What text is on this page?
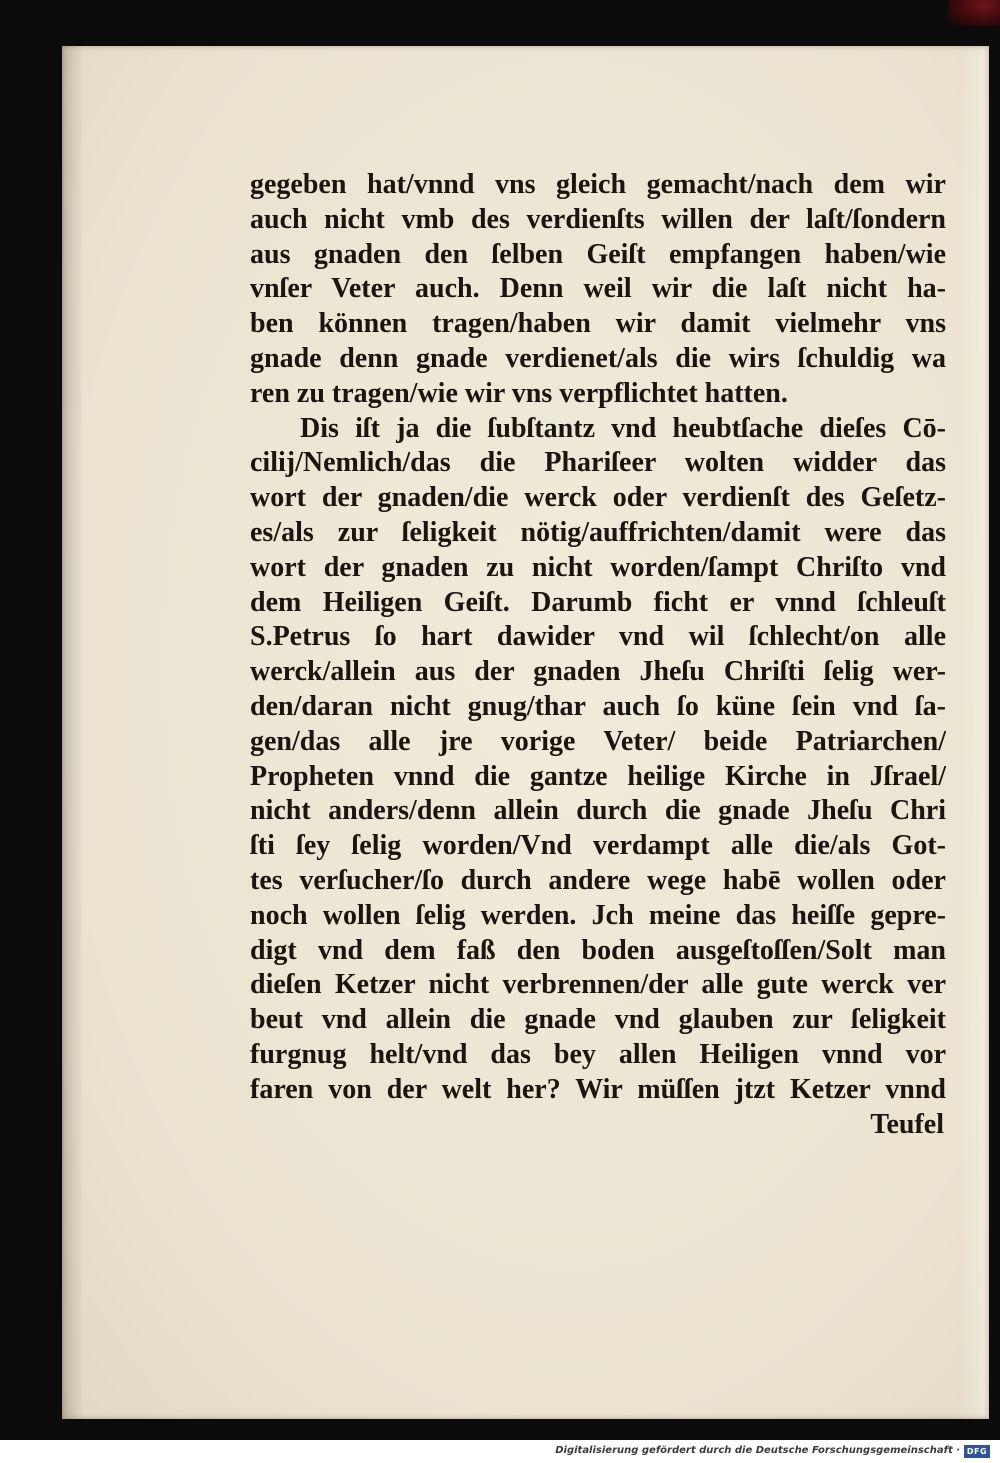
gegeben hat/vnnd vns gleich gemacht/nach dem wir
auch nicht vmb des verdienſts willen der laſt/ſondern
aus gnaden den ſelben Geiſt empfangen haben/wie
vnſer Veter auch. Denn weil wir die laſt nicht ha-
ben können tragen/haben wir damit vielmehr vns
gnade denn gnade verdienet/als die wirs ſchuldig wa
ren zu tragen/wie wir vns verpflichtet hatten.
Dis iſt ja die ſubſtantz vnd heubtſache dieſes Cō-
cilij/Nemlich/das die Phariſeer wolten widder das
wort der gnaden/die werck oder verdienſt des Geſetz-
es/als zur ſeligkeit nötig/auffrichten/damit were das
wort der gnaden zu nicht worden/ſampt Chriſto vnd
dem Heiligen Geiſt. Darumb ficht er vnnd ſchleuſt
S.Petrus ſo hart dawider vnd wil ſchlecht/on alle
werck/allein aus der gnaden Jheſu Chriſti ſelig wer-
den/daran nicht gnug/thar auch ſo küne ſein vnd ſa-
gen/das alle jre vorige Veter/ beide Patriarchen/
Propheten vnnd die gantze heilige Kirche in Jſrael/
nicht anders/denn allein durch die gnade Jheſu Chri
ſti ſey ſelig worden/Vnd verdampt alle die/als Got-
tes verſucher/ſo durch andere wege habē wollen oder
noch wollen ſelig werden. Jch meine das heiſſe gepre-
digt vnd dem faß den boden ausgeſtoſſen/Solt man
dieſen Ketzer nicht verbrennen/der alle gute werck ver
beut vnd allein die gnade vnd glauben zur ſeligkeit
furgnug helt/vnd das bey allen Heiligen vnnd vor
faren von der welt her? Wir müſſen jtzt Ketzer vnnd
Teufel
Digitalisierung gefördert durch die Deutsche Forschungsgemeinschaft · DFG
